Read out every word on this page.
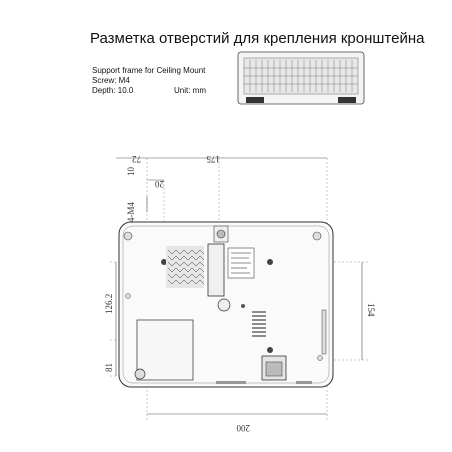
Разметка отверстий для крепления кронштейна
Support frame for Ceiling Mount
Screw: M4
Depth: 10.0	Unit: mm
72	175
20
10
4-M4
126.2
81
154
200
